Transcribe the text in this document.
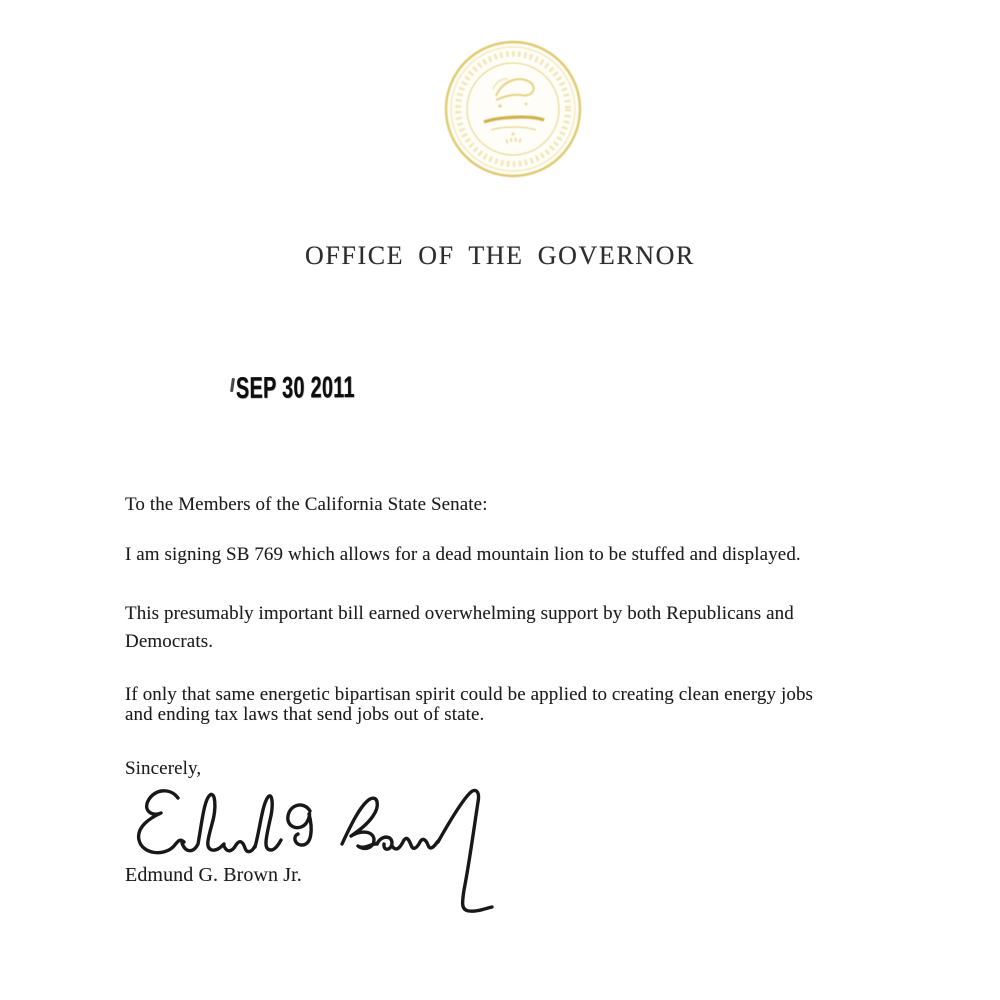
OFFICE OF THE GOVERNOR
SEP 30 2011
To the Members of the California State Senate:
I am signing SB 769 which allows for a dead mountain lion to be stuffed and displayed.
This presumably important bill earned overwhelming support by both Republicans and
Democrats.
If only that same energetic bipartisan spirit could be applied to creating clean energy jobs
and ending tax laws that send jobs out of state.
Sincerely,
Edmund G. Brown Jr.
